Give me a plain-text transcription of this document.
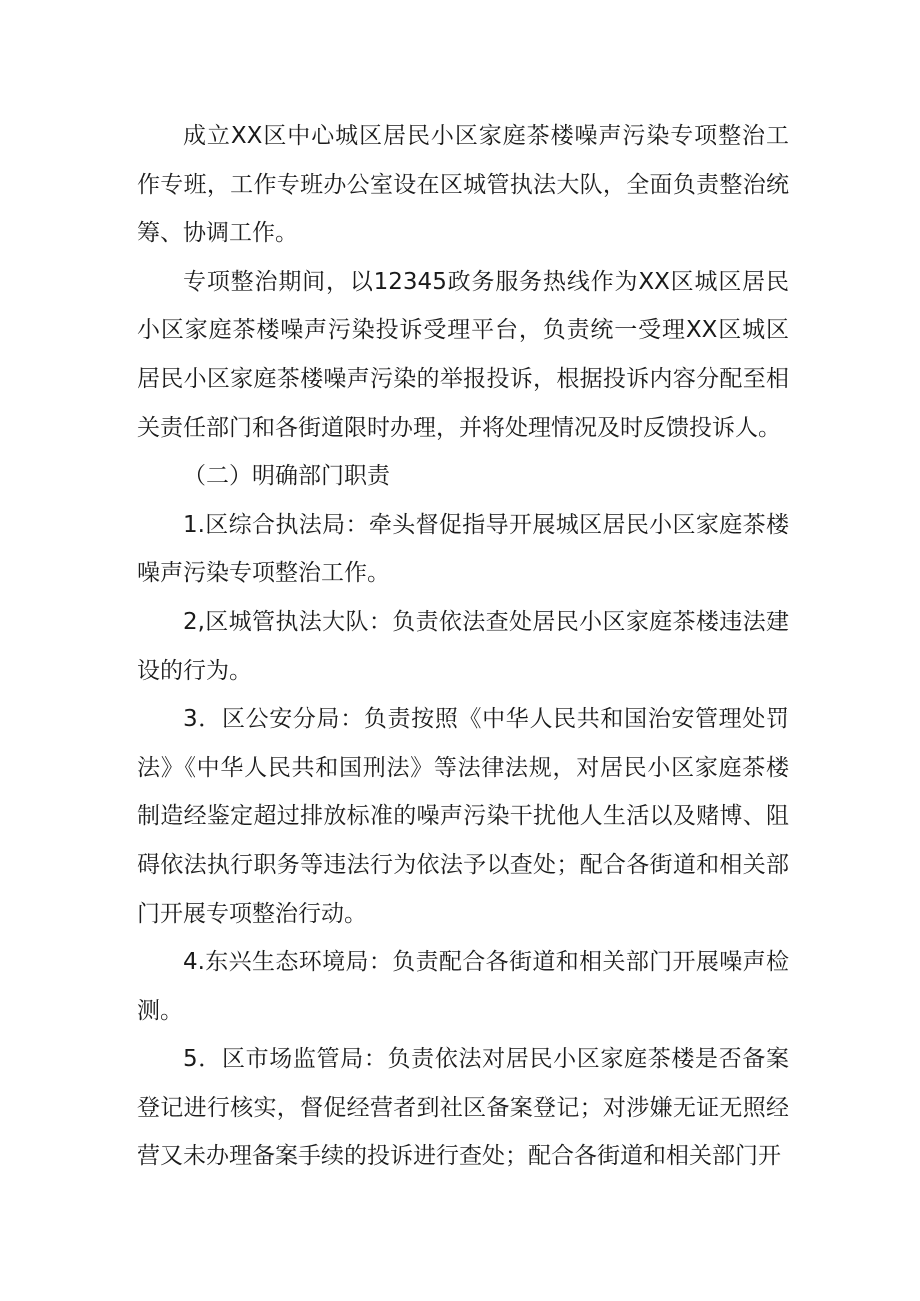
成立XX区中心城区居民小区家庭茶楼噪声污染专项整治工作专班，工作专班办公室设在区城管执法大队，全面负责整治统筹、协调工作。

专项整治期间，以12345政务服务热线作为XX区城区居民小区家庭茶楼噪声污染投诉受理平台，负责统一受理XX区城区居民小区家庭茶楼噪声污染的举报投诉，根据投诉内容分配至相关责任部门和各街道限时办理，并将处理情况及时反馈投诉人。

（二）明确部门职责

1.区综合执法局：牵头督促指导开展城区居民小区家庭茶楼噪声污染专项整治工作。

2,区城管执法大队：负责依法查处居民小区家庭茶楼违法建设的行为。

3．区公安分局：负责按照《中华人民共和国治安管理处罚法》《中华人民共和国刑法》等法律法规，对居民小区家庭茶楼制造经鉴定超过排放标准的噪声污染干扰他人生活以及赌博、阻碍依法执行职务等违法行为依法予以查处；配合各街道和相关部门开展专项整治行动。

4.东兴生态环境局：负责配合各街道和相关部门开展噪声检测。

5．区市场监管局：负责依法对居民小区家庭茶楼是否备案登记进行核实，督促经营者到社区备案登记；对涉嫌无证无照经营又未办理备案手续的投诉进行查处；配合各街道和相关部门开
